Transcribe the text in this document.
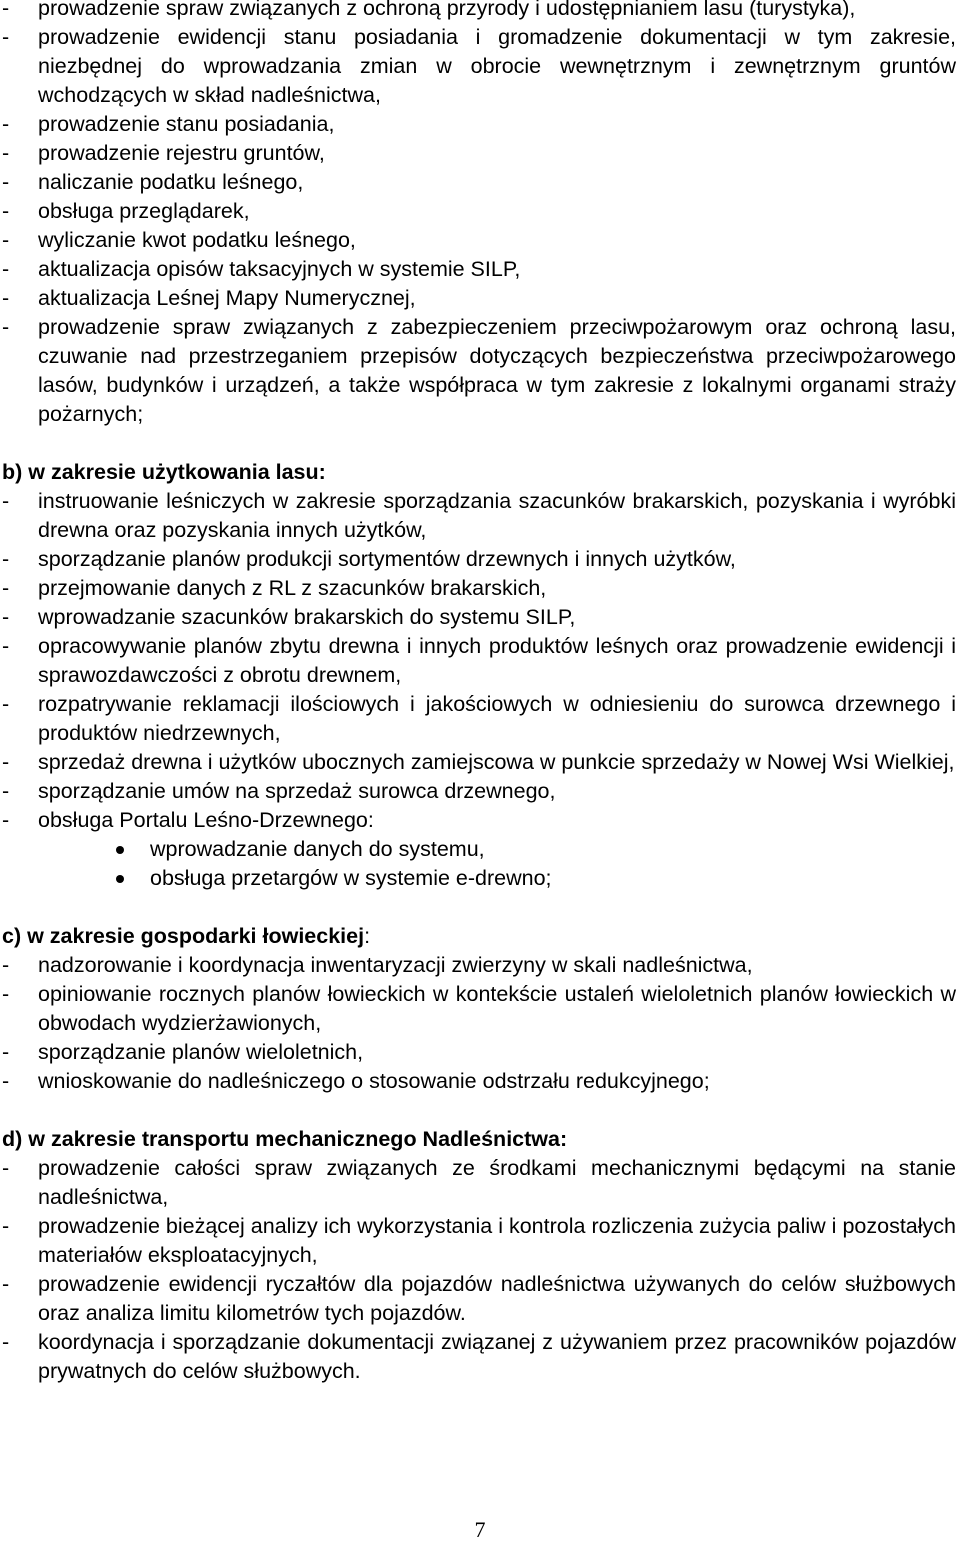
- prowadzenie spraw związanych z ochroną przyrody i udostępnianiem lasu (turystyka),
- prowadzenie ewidencji stanu posiadania i gromadzenie dokumentacji w tym zakresie, niezbędnej do wprowadzania zmian w obrocie wewnętrznym i zewnętrznym gruntów wchodzących w skład nadleśnictwa,
- prowadzenie stanu posiadania,
- prowadzenie rejestru gruntów,
- naliczanie podatku leśnego,
- obsługa przeglądarek,
- wyliczanie kwot podatku leśnego,
- aktualizacja opisów taksacyjnych w systemie SILP,
- aktualizacja Leśnej Mapy Numerycznej,
- prowadzenie spraw związanych z zabezpieczeniem przeciwpożarowym oraz ochroną lasu, czuwanie nad przestrzeganiem przepisów dotyczących bezpieczeństwa przeciwpożarowego lasów, budynków i urządzeń, a także współpraca w tym zakresie z lokalnymi organami straży pożarnych;

b) w zakresie użytkowania lasu:

- instruowanie leśniczych w zakresie sporządzania szacunków brakarskich, pozyskania i wyróbki drewna oraz pozyskania innych użytków,
- sporządzanie planów produkcji sortymentów drzewnych i innych użytków,
- przejmowanie danych z RL z szacunków brakarskich,
- wprowadzanie szacunków brakarskich do systemu SILP,
- opracowywanie planów zbytu drewna i innych produktów leśnych oraz prowadzenie ewidencji i sprawozdawczości z obrotu drewnem,
- rozpatrywanie reklamacji ilościowych i jakościowych w odniesieniu do surowca drzewnego i produktów niedrzewnych,
- sprzedaż drewna i użytków ubocznych zamiejscowa w punkcie sprzedaży w Nowej Wsi Wielkiej,
- sporządzanie umów na sprzedaż surowca drzewnego,
- obsługa Portalu Leśno-Drzewnego:
wprowadzanie danych do systemu,
obsługa przetargów w systemie e-drewno;

c) w zakresie gospodarki łowieckiej:

- nadzorowanie i koordynacja inwentaryzacji zwierzyny w skali nadleśnictwa,
- opiniowanie rocznych planów łowieckich w kontekście ustaleń wieloletnich planów łowieckich w obwodach wydzierżawionych,
- sporządzanie planów wieloletnich,
- wnioskowanie do nadleśniczego o stosowanie odstrzału redukcyjnego;

d) w zakresie transportu mechanicznego Nadleśnictwa:

- prowadzenie całości spraw związanych ze środkami mechanicznymi będącymi na stanie nadleśnictwa,
- prowadzenie bieżącej analizy ich wykorzystania i kontrola rozliczenia zużycia paliw i pozostałych materiałów eksploatacyjnych,
- prowadzenie ewidencji ryczałtów dla pojazdów nadleśnictwa używanych do celów służbowych oraz analiza limitu kilometrów tych pojazdów.
- koordynacja i sporządzanie dokumentacji związanej z używaniem przez pracowników pojazdów prywatnych do celów służbowych.
7
